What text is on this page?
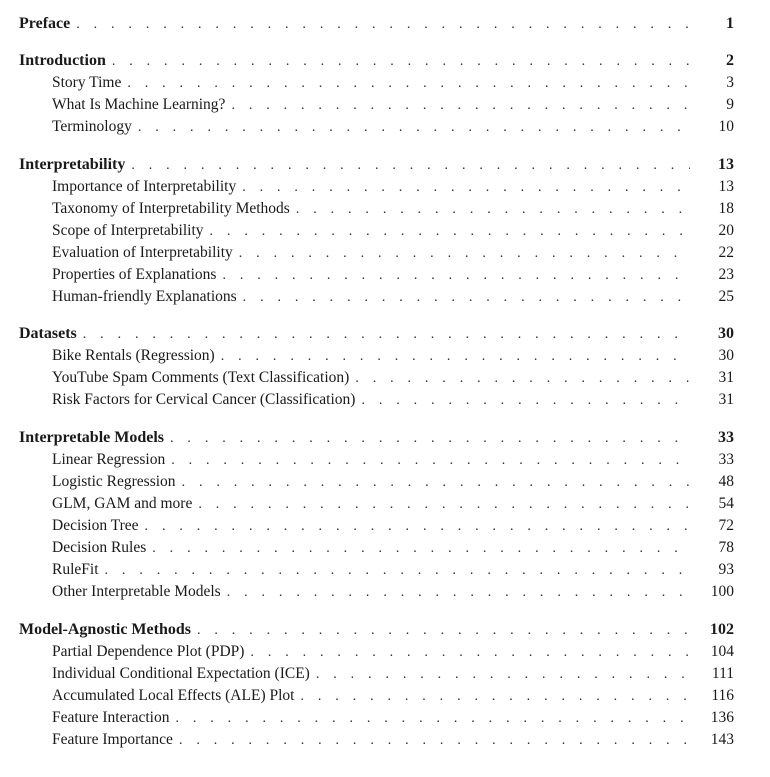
Preface . . .	1
Introduction . . .	2
Story Time . . .	3
What Is Machine Learning? . . .	9
Terminology . . .	10
Interpretability . . .	13
Importance of Interpretability . . .	13
Taxonomy of Interpretability Methods . . .	18
Scope of Interpretability . . .	20
Evaluation of Interpretability . . .	22
Properties of Explanations . . .	23
Human-friendly Explanations . . .	25
Datasets . . .	30
Bike Rentals (Regression) . . .	30
YouTube Spam Comments (Text Classification) . . .	31
Risk Factors for Cervical Cancer (Classification) . . .	31
Interpretable Models . . .	33
Linear Regression . . .	33
Logistic Regression . . .	48
GLM, GAM and more . . .	54
Decision Tree . . .	72
Decision Rules . . .	78
RuleFit . . .	93
Other Interpretable Models . . .	100
Model-Agnostic Methods . . .	102
Partial Dependence Plot (PDP) . . .	104
Individual Conditional Expectation (ICE) . . .	111
Accumulated Local Effects (ALE) Plot . . .	116
Feature Interaction . . .	136
Feature Importance . . .	143
